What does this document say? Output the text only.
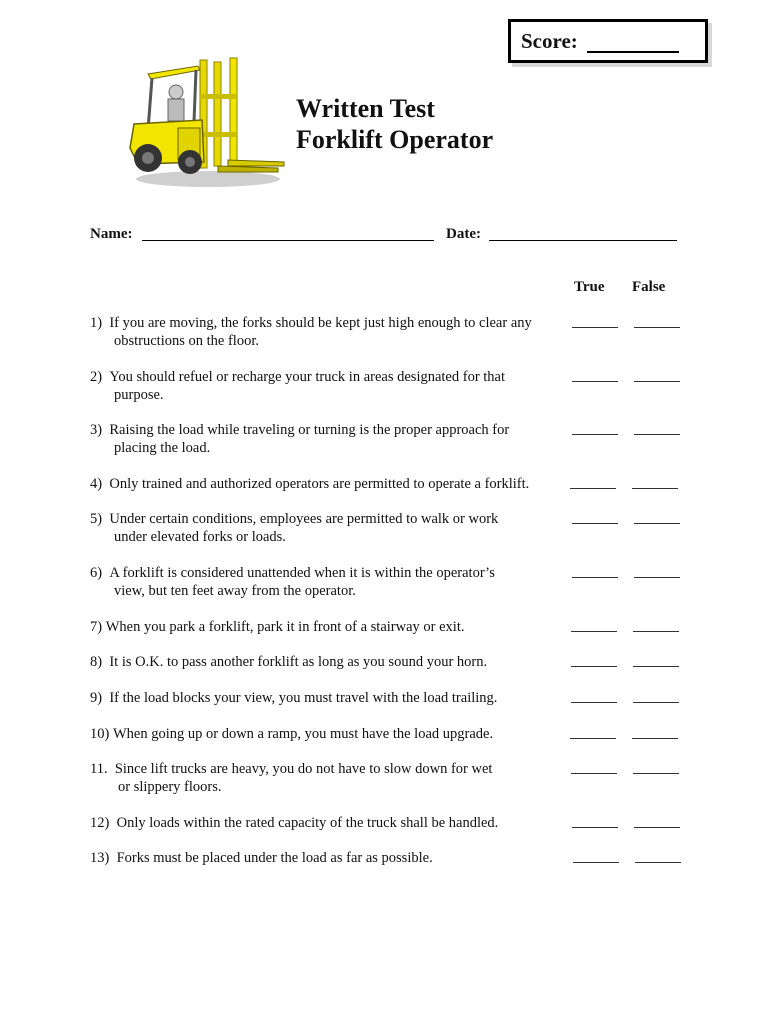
Score:
Written Test
Forklift Operator
Name:	Date:
True False
1) If you are moving, the forks should be kept just high enough to clear any
obstructions on the floor.
2) You should refuel or recharge your truck in areas designated for that
purpose.
3) Raising the load while traveling or turning is the proper approach for
placing the load.
4) Only trained and authorized operators are permitted to operate a forklift.
5) Under certain conditions, employees are permitted to walk or work
under elevated forks or loads.
6) A forklift is considered unattended when it is within the operator’s
view, but ten feet away from the operator.
7) When you park a forklift, park it in front of a stairway or exit.
8) It is O.K. to pass another forklift as long as you sound your horn.
9) If the load blocks your view, you must travel with the load trailing.
10) When going up or down a ramp, you must have the load upgrade.
11. Since lift trucks are heavy, you do not have to slow down for wet
or slippery floors.
12) Only loads within the rated capacity of the truck shall be handled.
13) Forks must be placed under the load as far as possible.
